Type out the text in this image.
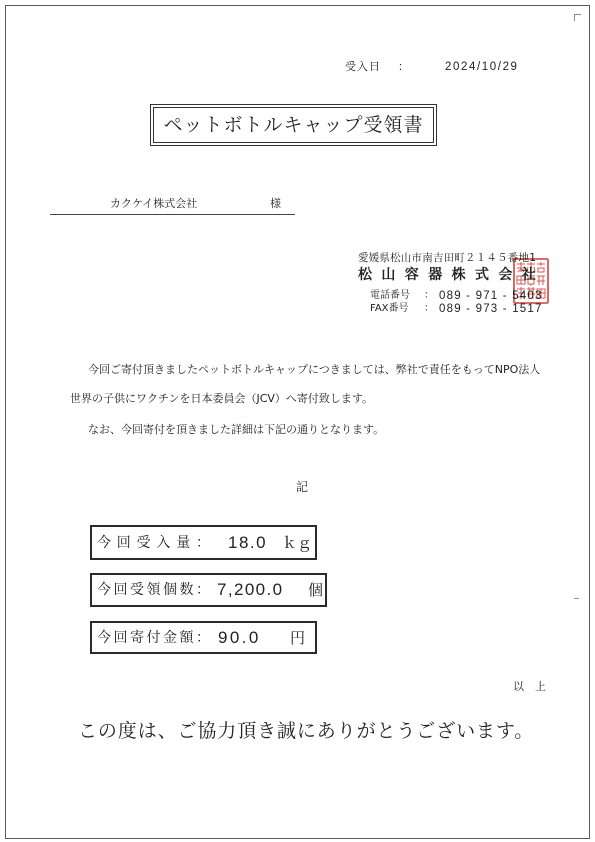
受入日 ：	2024/10/29
ペットボトルキャップ受領書
カクケイ株式会社	様
愛媛県松山市南吉田町２１４５番地1
松山容器株式会社
電話番号 ： 089 - 971 - 5403
FAX番号 ： 089 - 973 - 1517
今回ご寄付頂きましたペットボトルキャップにつきましては、弊社で責任をもってNPO法人
世界の子供にワクチンを日本委員会（JCV）へ寄付致します。
なお、今回寄付を頂きました詳細は下記の通りとなります。
記
今回受入量： 18.0 ｋｇ
今回受領個数： 7,200.0 個
今回寄付金額： 90.0 円
以　上
この度は、ご協力頂き誠にありがとうございます。
